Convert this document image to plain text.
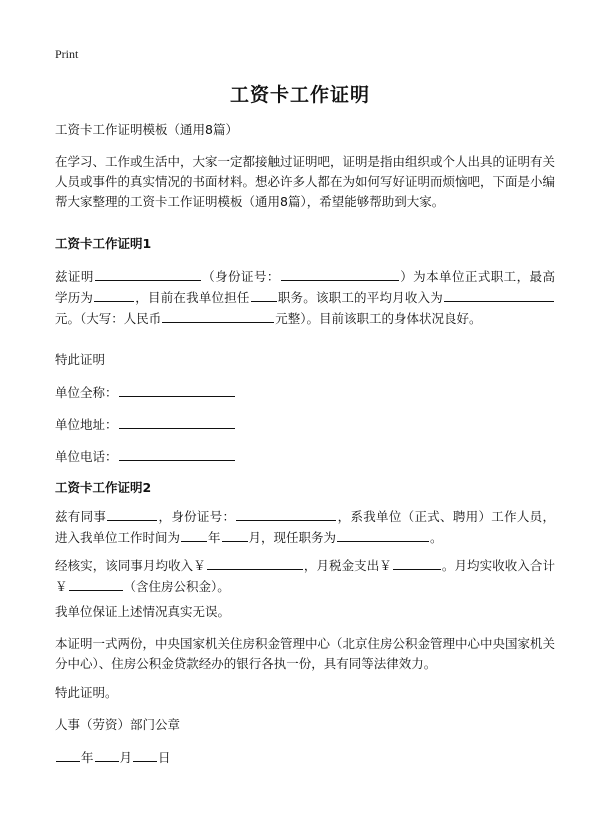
Print
工资卡工作证明

工资卡工作证明模板（通用8篇）

在学习、工作或生活中，大家一定都接触过证明吧，证明是指由组织或个人出具的证明有关人员或事件的真实情况的书面材料。想必许多人都在为如何写好证明而烦恼吧，下面是小编帮大家整理的工资卡工作证明模板（通用8篇），希望能够帮助到大家。

工资卡工作证明1

兹证明	（身份证号：	）为本单位正式职工，最高学历为	，目前在我单位担任 职务。该职工的平均月收入为元。（大写：人民币	元整）。目前该职工的身体状况良好。

特此证明

单位全称：

单位地址：

单位电话：

工资卡工作证明2

兹有同事	，身份证号：	，系我单位（正式、聘用）工作人员，进入我单位工作时间为 年 月，现任职务为	。

经核实，该同事月均收入￥	，月税金支出￥	。月均实收收入合计￥	（含住房公积金）。

我单位保证上述情况真实无误。

本证明一式两份，中央国家机关住房积金管理中心（北京住房公积金管理中心中央国家机关分中心）、住房公积金贷款经办的银行各执一份，具有同等法律效力。

特此证明。

人事（劳资）部门公章

年 月 日
